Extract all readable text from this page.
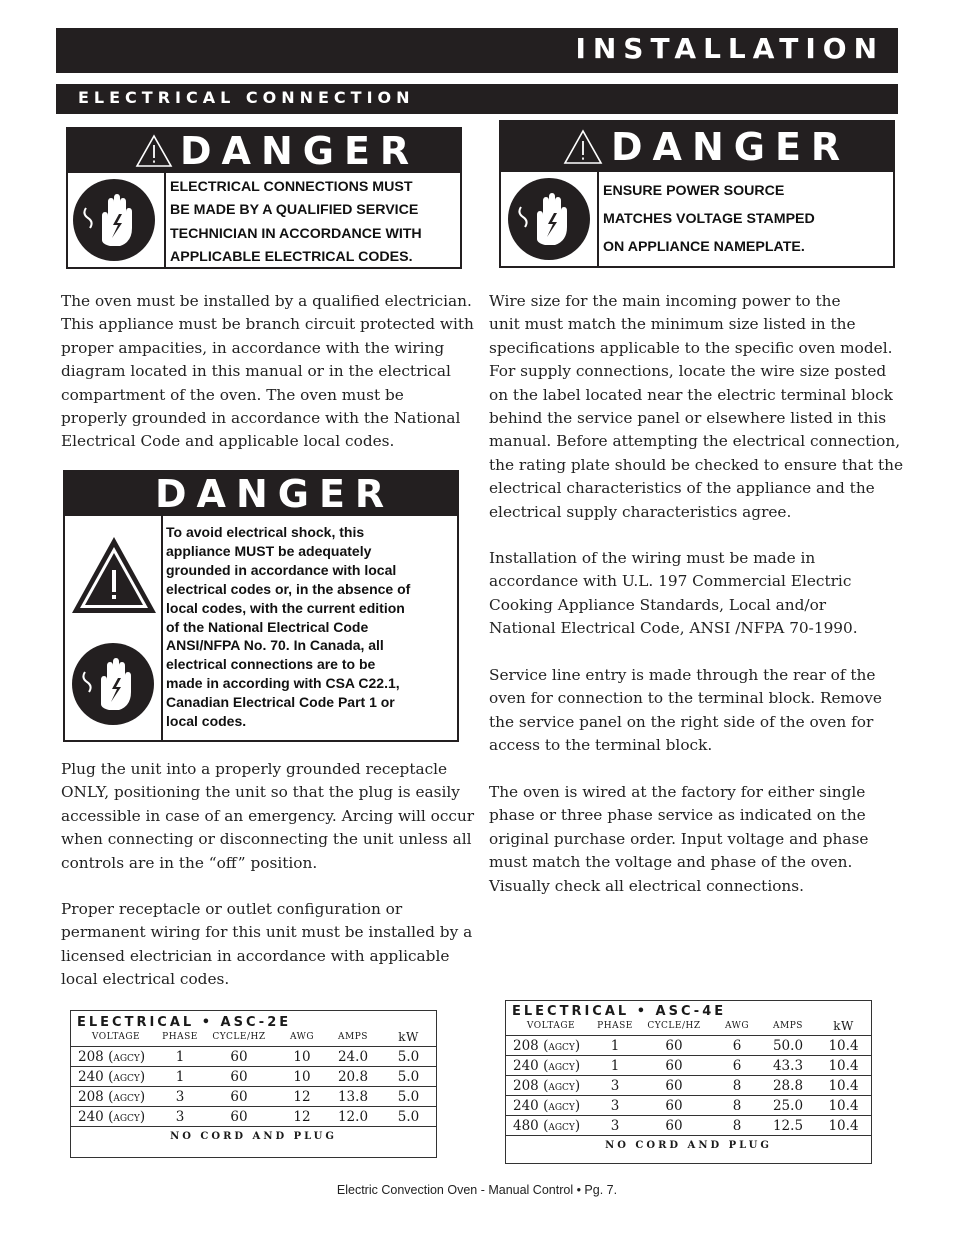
INSTALLATION
ELECTRICAL CONNECTION
DANGER
ELECTRICAL CONNECTIONS MUST
BE MADE BY A QUALIFIED SERVICE
TECHNICIAN IN ACCORDANCE WITH
APPLICABLE ELECTRICAL CODES.
DANGER
ENSURE POWER SOURCE
MATCHES VOLTAGE STAMPED
ON APPLIANCE NAMEPLATE.
The oven must be installed by a qualified electrician.
This appliance must be branch circuit protected with
proper ampacities, in accordance with the wiring
diagram located in this manual or in the electrical
compartment of the oven. The oven must be
properly grounded in accordance with the National
Electrical Code and applicable local codes.
DANGER
To avoid electrical shock, this
appliance MUST be adequately
grounded in accordance with local
electrical codes or, in the absence of
local codes, with the current edition
of the National Electrical Code
ANSI/NFPA No. 70. In Canada, all
electrical connections are to be
made in according with CSA C22.1,
Canadian Electrical Code Part 1 or
local codes.
Plug the unit into a properly grounded receptacle
ONLY, positioning the unit so that the plug is easily
accessible in case of an emergency. Arcing will occur
when connecting or disconnecting the unit unless all
controls are in the “off” position.
Proper receptacle or outlet configuration or
permanent wiring for this unit must be installed by a
licensed electrician in accordance with applicable
local electrical codes.
Wire size for the main incoming power to the
unit must match the minimum size listed in the
specifications applicable to the specific oven model.
For supply connections, locate the wire size posted
on the label located near the electric terminal block
behind the service panel or elsewhere listed in this
manual. Before attempting the electrical connection,
the rating plate should be checked to ensure that the
electrical characteristics of the appliance and the
electrical supply characteristics agree.
Installation of the wiring must be made in
accordance with U.L. 197 Commercial Electric
Cooking Appliance Standards, Local and/or
National Electrical Code, ANSI /NFPA 70-1990.
Service line entry is made through the rear of the
oven for connection to the terminal block. Remove
the service panel on the right side of the oven for
access to the terminal block.
The oven is wired at the factory for either single
phase or three phase service as indicated on the
original purchase order. Input voltage and phase
must match the voltage and phase of the oven.
Visually check all electrical connections.
ELECTRICAL • ASC-2E
VOLTAGE	PHASE	CYCLE/HZ	AWG	AMPS	kW
208 (agcy)	1	60	10	24.0	5.0
240 (agcy)	1	60	10	20.8	5.0
208 (agcy)	3	60	12	13.8	5.0
240 (agcy)	3	60	12	12.0	5.0
NO CORD AND PLUG
ELECTRICAL • ASC-4E
VOLTAGE	PHASE	CYCLE/HZ	AWG	AMPS	kW
208 (agcy)	1	60	6	50.0	10.4
240 (agcy)	1	60	6	43.3	10.4
208 (agcy)	3	60	8	28.8	10.4
240 (agcy)	3	60	8	25.0	10.4
480 (agcy)	3	60	8	12.5	10.4
NO CORD AND PLUG
Electric Convection Oven - Manual Control • Pg. 7.
